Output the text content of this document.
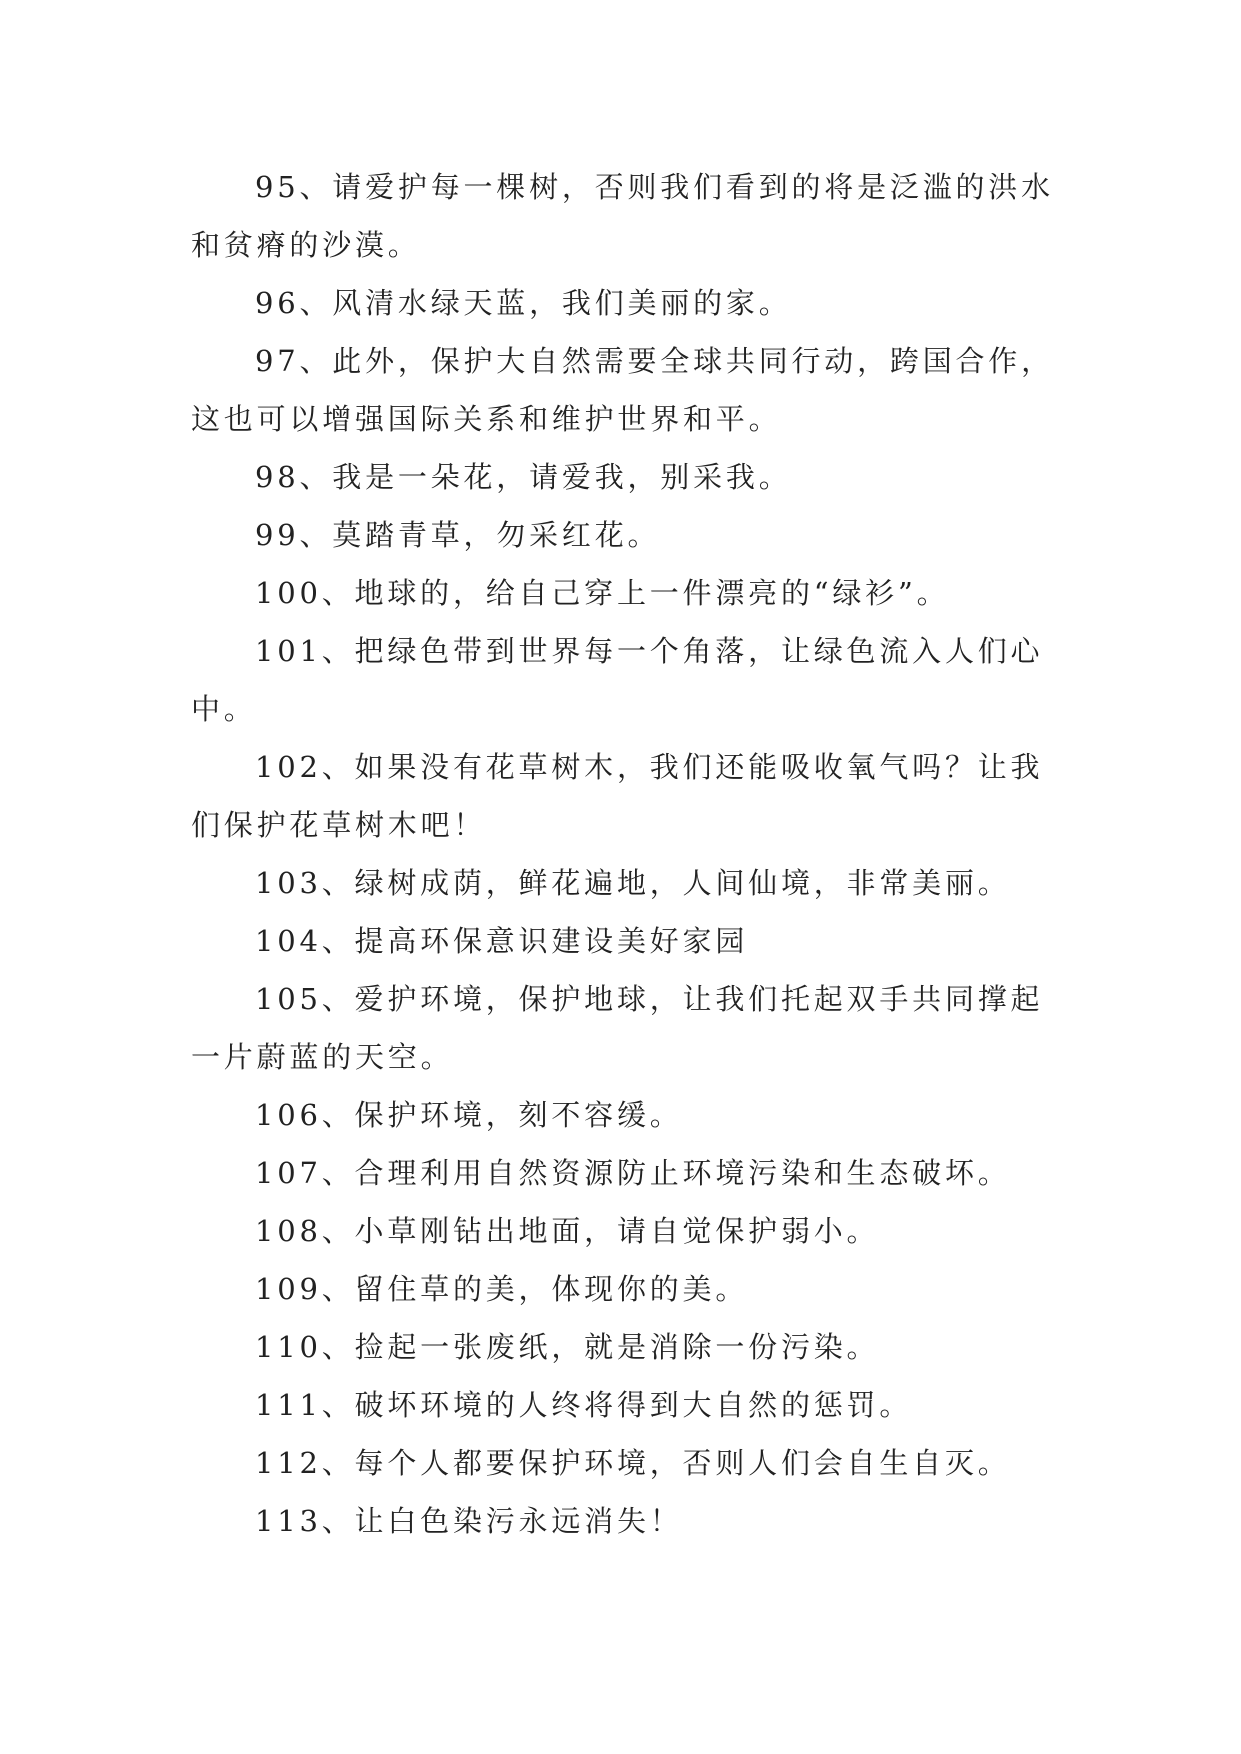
95、请爱护每一棵树，否则我们看到的将是泛滥的洪水和贫瘠的沙漠。

96、风清水绿天蓝，我们美丽的家。

97、此外，保护大自然需要全球共同行动，跨国合作，这也可以增强国际关系和维护世界和平。

98、我是一朵花，请爱我，别采我。

99、莫踏青草，勿采红花。

100、地球的，给自己穿上一件漂亮的“绿衫”。

101、把绿色带到世界每一个角落，让绿色流入人们心中。

102、如果没有花草树木，我们还能吸收氧气吗？让我们保护花草树木吧！

103、绿树成荫，鲜花遍地，人间仙境，非常美丽。

104、提高环保意识建设美好家园

105、爱护环境，保护地球，让我们托起双手共同撑起一片蔚蓝的天空。

106、保护环境，刻不容缓。

107、合理利用自然资源防止环境污染和生态破坏。

108、小草刚钻出地面，请自觉保护弱小。

109、留住草的美，体现你的美。

110、捡起一张废纸，就是消除一份污染。

111、破坏环境的人终将得到大自然的惩罚。

112、每个人都要保护环境，否则人们会自生自灭。

113、让白色染污永远消失！
